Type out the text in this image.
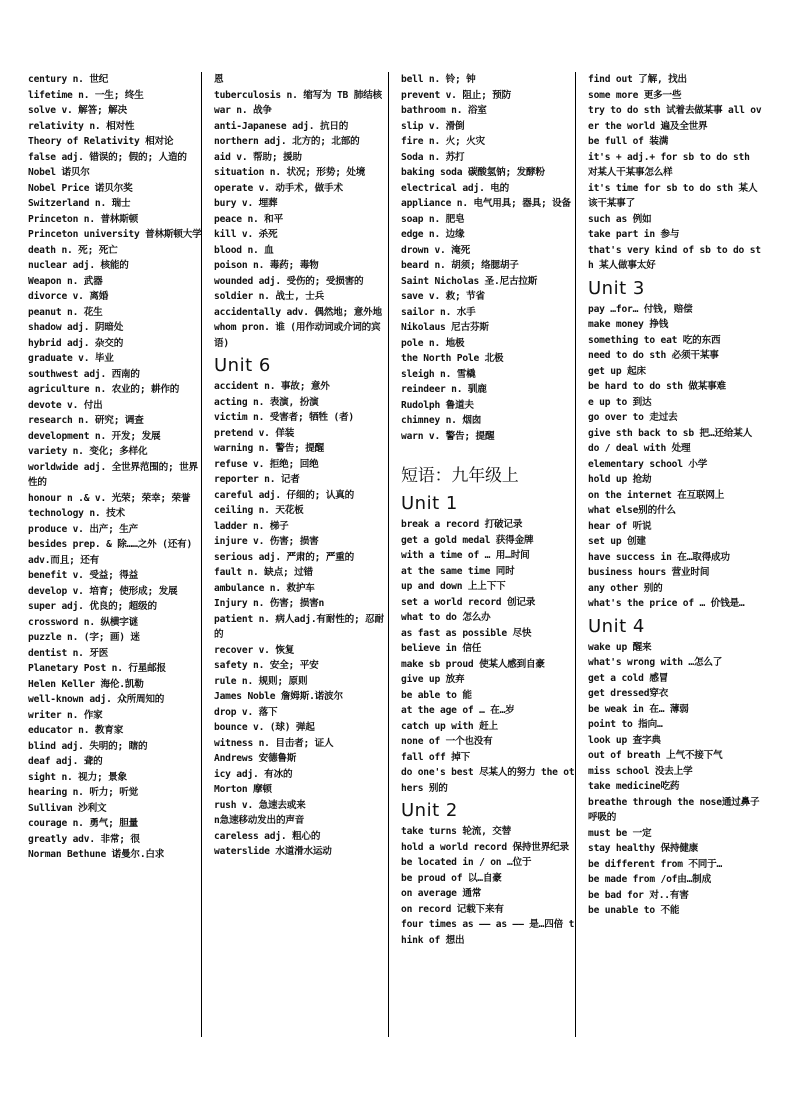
century n. 世纪
lifetime n. 一生; 终生
solve v. 解答; 解决
relativity n. 相对性
Theory of Relativity 相对论
false adj. 错误的; 假的; 人造的
Nobel 诺贝尔
Nobel Price 诺贝尔奖
Switzerland n. 瑞士
Princeton n. 普林斯顿
Princeton university 普林斯顿大学
death n. 死; 死亡
nuclear adj. 核能的
Weapon n. 武器
divorce v. 离婚
peanut n. 花生
shadow adj. 阴暗处
hybrid adj. 杂交的
graduate v. 毕业
southwest adj. 西南的
agriculture n. 农业的; 耕作的
devote v. 付出
research n. 研究; 调查
development n. 开发; 发展
variety n. 变化; 多样化
worldwide adj. 全世界范围的; 世界性的
honour n .& v. 光荣; 荣幸; 荣誉
technology n. 技术
produce v. 出产; 生产
besides prep. & 除……之外 (还有)
adv.而且; 还有
benefit v. 受益; 得益
develop v. 培育; 使形成; 发展
super adj. 优良的; 超级的
crossword n. 纵横字谜
puzzle n. (字; 画) 迷
dentist n. 牙医
Planetary Post n. 行星邮报
Helen Keller 海伦.凯勒
well-known adj. 众所周知的
writer n. 作家
educator n. 教育家
blind adj. 失明的; 瞎的
deaf adj. 聋的
sight n. 视力; 景象
hearing n. 听力; 听觉
Sullivan 沙利文
courage n. 勇气; 胆量
greatly adv. 非常; 很
Norman Bethune 诺曼尔.白求
恩
tuberculosis n. 缩写为 TB 肺结核
war n. 战争
anti-Japanese adj. 抗日的
northern adj. 北方的; 北部的
aid v. 帮助; 援助
situation n. 状况; 形势; 处境
operate v. 动手术, 做手术
bury v. 埋葬
peace n. 和平
kill v. 杀死
blood n. 血
poison n. 毒药; 毒物
wounded adj. 受伤的; 受损害的
soldier n. 战士, 士兵
accidentally adv. 偶然地; 意外地
whom pron. 谁 (用作动词或介词的宾语)
Unit 6
accident n. 事故; 意外
acting n. 表演, 扮演
victim n. 受害者; 牺牲 (者)
pretend v. 佯装
warning n. 警告; 提醒
refuse v. 拒绝; 回绝
reporter n. 记者
careful adj. 仔细的; 认真的
ceiling n. 天花板
ladder n. 梯子
injure v. 伤害; 损害
serious adj. 严肃的; 严重的
fault n. 缺点; 过错
ambulance n. 救护车
Injury n. 伤害; 损害n
patient n. 病人adj.有耐性的; 忍耐的
recover v. 恢复
safety n. 安全; 平安
rule n. 规则; 原则
James Noble 詹姆斯.诺波尔
drop v. 落下
bounce v. (球) 弹起
witness n. 目击者; 证人
Andrews 安德鲁斯
icy adj. 有冰的
Morton 摩顿
rush v. 急速去或来
n急速移动发出的声音
careless adj. 粗心的
waterslide 水道滑水运动
bell n. 铃; 钟
prevent v. 阻止; 预防
bathroom n. 浴室
slip v. 滑倒
fire n. 火; 火灾
Soda n. 苏打
baking soda 碳酸氢钠; 发酵粉
electrical adj. 电的
appliance n. 电气用具; 器具; 设备
soap n. 肥皂
edge n. 边缘
drown v. 淹死
beard n. 胡须; 络腮胡子
Saint Nicholas 圣.尼古拉斯
save v. 救; 节省
sailor n. 水手
Nikolaus 尼古芬斯
pole n. 地极
the North Pole 北极
sleigh n. 雪橇
reindeer n. 驯鹿
Rudolph 鲁道夫
chimney n. 烟囱
warn v. 警告; 提醒
短语：九年级上
Unit 1
break a record 打破记录
get a gold medal 获得金牌
with a time of … 用…时间
at the same time 同时
up and down 上上下下
set a world record 创记录
what to do 怎么办
as fast as possible 尽快
believe in 信任
make sb proud 使某人感到自豪
give up 放弃
be able to 能
at the age of … 在…岁
catch up with 赶上
none of 一个也没有
fall off 掉下
do one's best 尽某人的努力 the others 别的
Unit 2
take turns 轮流, 交替
hold a world record 保持世界纪录
be located in / on …位于
be proud of 以…自豪
on average 通常
on record 记载下来有
four times as —— as —— 是…四倍 think of 想出
find out 了解, 找出
some more 更多一些
try to do sth 试着去做某事 all over the world 遍及全世界
be full of 装满
it's + adj.+ for sb to do sth 对某人干某事怎么样
it's time for sb to do sth 某人该干某事了
such as 例如
take part in 参与
that's very kind of sb to do sth 某人做事太好
Unit 3
pay …for… 付钱, 赔偿
make money 挣钱
something to eat 吃的东西
need to do sth 必须干某事
get up 起床
be hard to do sth 做某事难
e up to 到达
go over to 走过去
give sth back to sb 把…还给某人
do / deal with 处理
elementary school 小学
hold up 抢劫
on the internet 在互联网上
what else别的什么
hear of 听说
set up 创建
have success in 在…取得成功
business hours 营业时间
any other 别的
what's the price of … 价钱是…
Unit 4
wake up 醒来
what's wrong with …怎么了
get a cold 感冒
get dressed穿衣
be weak in 在… 薄弱
point to 指向…
look up 查字典
out of breath 上气不接下气
miss school 没去上学
take medicine吃药
breathe through the nose通过鼻子呼吸的
must be 一定
stay healthy 保持健康
be different from 不同于…
be made from /of由…制成
be bad for 对..有害
be unable to 不能
